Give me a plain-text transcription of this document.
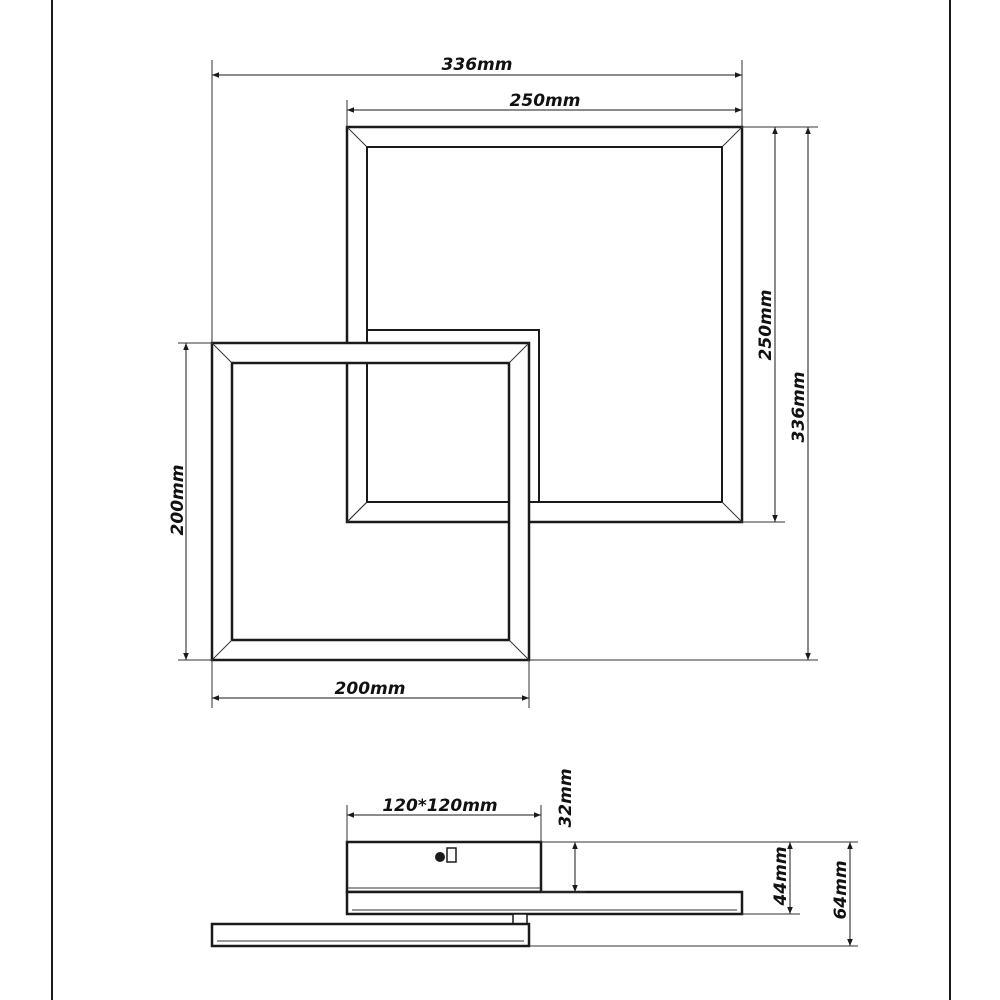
336mm
250mm
250mm
336mm
200mm
200mm
120*120mm	32mm
44mm 64mm
